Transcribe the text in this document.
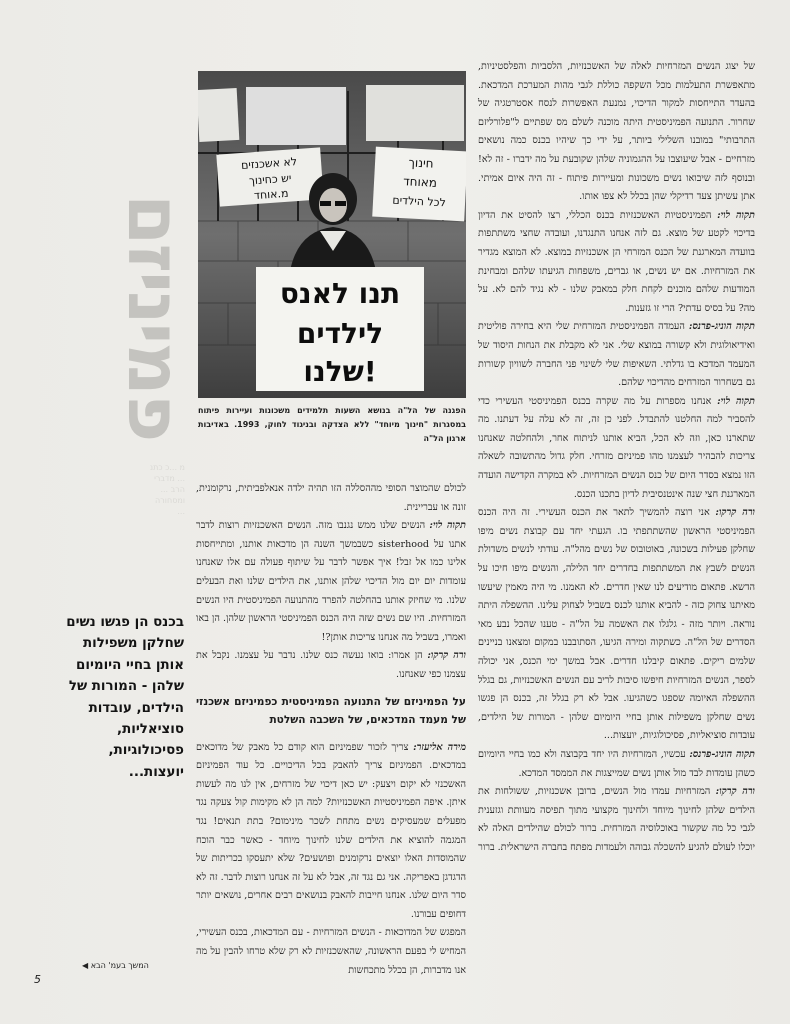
פמיניזם
מ ...כ כתנ ... מדברי הרב ... ומסחורה ...
לא אשכנזים
יש כחינוך
מ.אוחד
חינוך
מאוחד
לכל הילדים
תנו לאנס
לילדים
שלנו!
הפגנה של הל"ה בנושא השעות תלמידים משכונות ועיירות פיתוח במסגרות "חינוך מיוחד" ללא הצדקה ובניגוד לחוק, 1993. באדיבות ארגון הל"ה

של יצוג הנשים המזרחיות לאלה של האשכנזיות, הלסביות והפלסטיניות, מתאפשרת התעלמות מכל השקפה כוללת לגבי מהות המערכת המדכאת. בהעדר התייחסות למקור הדיכוי, נמנעת האפשרות לנסח אסטרטגיה של שחרור. התנועה הפמיניסטית היתה מוכנה לשלם מס שפתיים ל"פלורליזם התרבותי" במובנו השלילי ביותר, על ידי כך שיהיו בכנס כמה נושאים מזרחיים - אבל שיעוצבו על ההגמוניה שלהן שקובעת על מה ידברו - זה לא! ובנוסף לזה שיבואו נשים משכונות ומעיירות פיתוח - זה היה איום אמיתי. אתן עשיתן צעד רדיקלי שהן בכלל לא צפו אותו.

תקוה לוי: הפמיניסטיות האשכנזיות בכנס הכללי, רצו להסיט את הדיון בדיכוי לקטע של מוצא. גם לזה אנחנו התנגדנו, ועובדה שחצי משתתפות בוועדה המארגנת של הכנס המזרחי הן אשכנזיות במוצא. לא המוצא מגדיר את המזרחיות. אם יש נשים, או גברים, משפחות הגיעתו שלהם ומבחינת המודעות שלהם מוכנים לקחת חלק במאבק שלנו - לא נגיד להם לא. על מה? על בסיס עדתי? הרי זו גזענות.

תקוה הוניג-פרנס: העמדה הפמיניסטית המזרחית שלי היא בחירה פוליטית ואידיאולוגית ולא קשורה במוצא שלי. אני לא מקבלת את הנחות היסוד של המעמד המדכא בו גדלתי. השאיפות שלי לשינוי פני החברה לשוויון קשורות גם בשחרור המזרחים מהדיכוי שלהם.

תקוה לוי: אנחנו מספרות על מה שקרה בכנס הפמיניסטי העשירי כדי להסביר למה החלטנו להתבדל. לפני כן זה, זה לא עלה על דעתנו. מה שתארנו כאן, וזה לא הכל, הביא אותנו לניתוח אחר, ולהחלטה שאנחנו צריכות להבהיר לעצמנו מהו פמיניזם מזרחי. חלק גדול מהתשובה לשאלה הזו נמצא בסדר היום של כנס הנשים המזרחיות. לא במקרה הקדישה הועדה המארגנת חצי שנה אינטנסיבית לדיון בתכנו הכנס.

ורה קרקו: אני רוצה להמשיך לתאר את הכנס העשירי. זה היה הכנס הפמיניסטי הראשון שהשתתפתי בו. הגעתי יחד עם קבוצת נשים מיפו שחלקן פעילות בשכונה, באוטובוס של נשים מהל"ה. עודתי לנשים משדולת הנשים לשבץ את המשתתפות בחדרים יחד הלילה, והנשים מיפו חיכו על הדשא. פתאום מודיעים לנו שאין חדרים. לא האמנו. מי היה מאמין שיעשו מאיתנו צחוק כזה - להביא אותנו לכנס בשביל לצחוק עלינו. ההשפלה היתה נוראה. ויותר מזה - גלגלו את האשמה על הל"ה - טענו שהכל נבע מאי הסדרים של הל"ה. כשתקוה ומירה הגיעו, הסתובבנו במקום ומצאנו בניינים שלמים ריקים. פתאום קיבלנו חדרים. אבל במשך ימי הכנס, אני יכולה לספר, הנשים המזרחיות חיפשו סיבות לריב עם הנשים האשכנזיות, גם בגלל ההשפלה האיומה שספגו כשהגיעו. אבל לא רק בגלל זה, בכנס הן פגשו נשים שחלקן משפילות אותן בחיי היומיום שלהן - המורות של הילדים, עובדות סוציאליות, פסיכולוגיות, יועצות...

תקוה הוניג-פרנס: עכשיו, המזרחיות היו יחד בקבוצה ולא כמו בחיי היומיום כשהן עומדות לבד מול אותן נשים שמייצגות את הממסד המדכא.

ורה קרקו: המזרחיות עמדו מול הנשים, ברובן אשכנזיות, ששולחות את הילדים שלהן לחינוך מיוחד ולחינוך מקצועי מתוך תפיסה מעוותת וגזענית לגבי כל מה שקשור באוכלוסיה המזרחית. ברור לכולם שהילדים האלה לא יוכלו לעולם להגיע להשכלה גבוהה ולעמדות מפתח בחברה הישראלית. ברור

לכולם שהמוצר הסופי מההסללה הזו תהיה ילדה אנאלפביתית, נרקומנית, זונה או עבריינית.

תקוה לוי: הנשים שלנו ממש נגנבו מזה. הנשים האשכנזיות רוצות לדבר אתנו על sisterhood כשבמשך השנה הן מדכאות אותנו, ומתייחסות אלינו כמו אל זבל! איך אפשר לדבר על שיתוף פעולה עם אלו שאנחנו עומדות יום יום מול הדיכוי שלהן אותנו, את הילדים שלנו ואת הבעלים שלנו. מי שחיזק אותנו בהחלטה להפרד מהתנועה הפמיניסטית היו הנשים המזרחיות. היו שם נשים שזה היה הכנס הפמיניסטי הראשון שלהן. הן באו ואמרו, בשביל מה אנחנו צריכות אותן?!

ורה קרקו: הן אמרו: בואו נעשה כנס שלנו. נדבר על עצמנו. נקבל את עצמנו כפי שאנחנו.

על הפמיניזם של התנועה הפמיניסטית כפמיניזם אשכנזי של מעמד המדכאים, של השכבה השלטת

מירה אליעזר: צריך לזכור שפמיניזם הוא קודם כל מאבק של מדוכאים במדכאים. הפמיניזם צריך להאבק בכל הדיכויים. כל עוד הפמיניזם האשכנזי לא יקום ויצעק: יש כאן דיכוי של מזרחים, אין לנו מה לעשות איתן. איפה הפמיניסטיות האשכנזיות? למה הן לא מקימות קול צעקה נגד מפעלים שמעסיקים נשים מתחת לשכר מינימום? בתת תנאים! נגד המגמה להוציא את הילדים שלנו לחינוך מיוחד - כאשר כבר הוכח שהמוסדות האלו יוצאים נרקומנים ופושעים? שלא יתעסקו בכריתות של הדגדגן באפריקה. אני גם נגד זה, אבל לא על זה אנחנו רוצות לדבר. זה לא סדר היום שלנו. אנחנו חייבות להאבק בנושאים רבים אחרים, נושאים יותר דחופים עבורנו.

המפגש של המדוכאות - הנשים המזרחיות - עם המדכאות, בכנס העשירי, המחיש לי בפעם הראשונה, שהאשכנזיות לא רק שלא טרחו להבין על מה אנו מדברות, הן בכלל מתכחשות

בכנס הן פגשו נשים שחלקן משפילות אותן בחיי היומיום שלהן - המורות של הילדים, עובדות סוציאליות, פסיכולוגיות, יועצות...
המשך בעמ' הבא ◀
5
